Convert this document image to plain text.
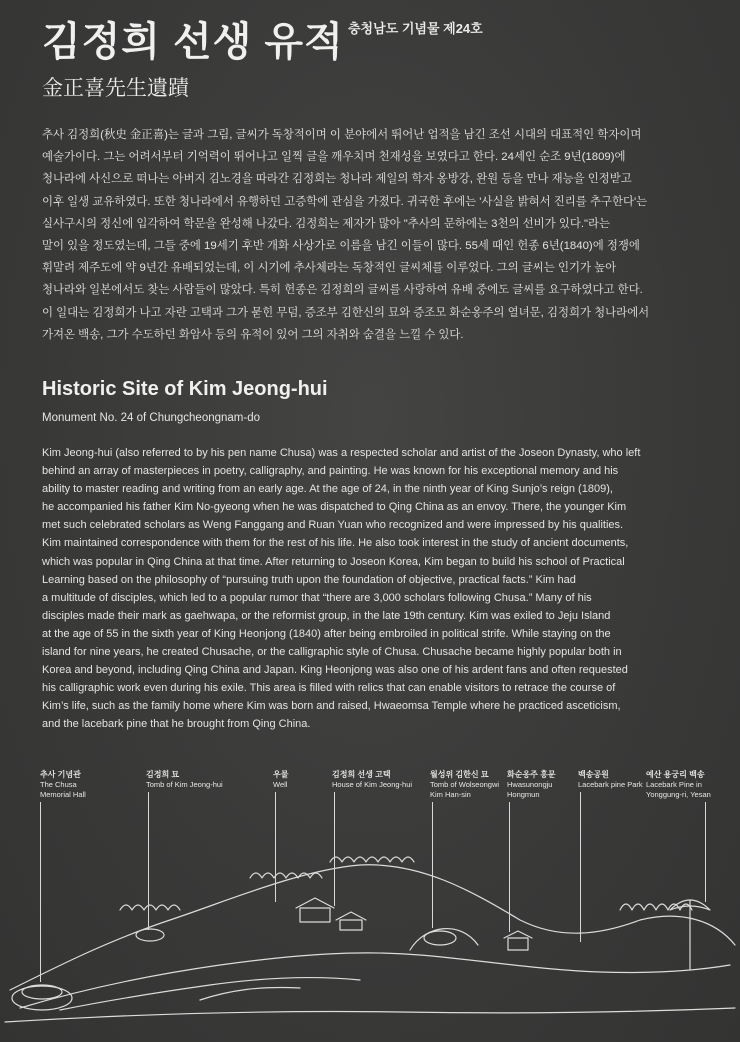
김정희 선생 유적 충청남도 기념물 제24호
金正喜先生遺蹟

추사 김정희(秋史 金正喜)는 글과 그림, 글씨가 독창적이며 이 분야에서 뛰어난 업적을 남긴 조선 시대의 대표적인 학자이며

예술가이다. 그는 어려서부터 기억력이 뛰어나고 일찍 글을 깨우치며 천재성을 보였다고 한다. 24세인 순조 9년(1809)에

청나라에 사신으로 떠나는 아버지 김노경을 따라간 김정희는 청나라 제일의 학자 옹방강, 완원 등을 만나 재능을 인정받고

이후 일생 교유하였다. 또한 청나라에서 유행하던 고증학에 관심을 가졌다. 귀국한 후에는 '사실을 밝혀서 진리를 추구한다'는

실사구시의 정신에 입각하여 학문을 완성해 나갔다. 김정희는 제자가 많아 "추사의 문하에는 3천의 선비가 있다."라는

말이 있을 정도였는데, 그들 중에 19세기 후반 개화 사상가로 이름을 남긴 이들이 많다. 55세 때인 헌종 6년(1840)에 정쟁에

휘말려 제주도에 약 9년간 유배되었는데, 이 시기에 추사체라는 독창적인 글씨체를 이루었다. 그의 글씨는 인기가 높아

청나라와 일본에서도 찾는 사람들이 많았다. 특히 헌종은 김정희의 글씨를 사랑하여 유배 중에도 글씨를 요구하였다고 한다.

이 일대는 김정희가 나고 자란 고택과 그가 묻힌 무덤, 증조부 김한신의 묘와 증조모 화순옹주의 열녀문, 김정희가 청나라에서

가져온 백송, 그가 수도하던 화암사 등의 유적이 있어 그의 자취와 숨결을 느낄 수 있다.

Historic Site of Kim Jeong-hui
Monument No. 24 of Chungcheongnam-do

Kim Jeong-hui (also referred to by his pen name Chusa) was a respected scholar and artist of the Joseon Dynasty, who left

behind an array of masterpieces in poetry, calligraphy, and painting. He was known for his exceptional memory and his

ability to master reading and writing from an early age. At the age of 24, in the ninth year of King Sunjo’s reign (1809),

he accompanied his father Kim No-gyeong when he was dispatched to Qing China as an envoy. There, the younger Kim

met such celebrated scholars as Weng Fanggang and Ruan Yuan who recognized and were impressed by his qualities.

Kim maintained correspondence with them for the rest of his life. He also took interest in the study of ancient documents,

which was popular in Qing China at that time. After returning to Joseon Korea, Kim began to build his school of Practical

Learning based on the philosophy of “pursuing truth upon the foundation of objective, practical facts.” Kim had

a multitude of disciples, which led to a popular rumor that “there are 3,000 scholars following Chusa.” Many of his

disciples made their mark as gaehwapa, or the reformist group, in the late 19th century. Kim was exiled to Jeju Island

at the age of 55 in the sixth year of King Heonjong (1840) after being embroiled in political strife. While staying on the

island for nine years, he created Chusache, or the calligraphic style of Chusa. Chusache became highly popular both in

Korea and beyond, including Qing China and Japan. King Heonjong was also one of his ardent fans and often requested

his calligraphic work even during his exile. This area is filled with relics that can enable visitors to retrace the course of

Kim’s life, such as the family home where Kim was born and raised, Hwaeomsa Temple where he practiced asceticism,

and the lacebark pine that he brought from Qing China.

추사 기념관
The Chusa
Memorial Hall
김정희 묘
Tomb of Kim Jeong-hui
우물
Well
김정희 선생 고택
House of Kim Jeong-hui
월성위 김한신 묘
Tomb of Wolseongwi
Kim Han-sin
화순옹주 홍문
Hwasunongju
Hongmun
백송공원
Lacebark pine Park
예산 용궁리 백송
Lacebark Pine in
Yonggung-ri, Yesan
